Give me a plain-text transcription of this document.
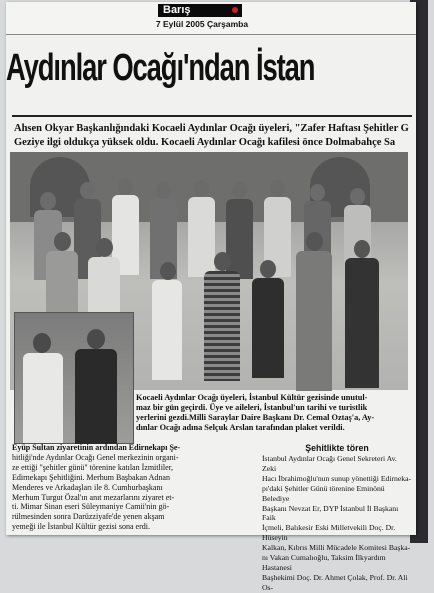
Barış
7 Eylül 2005 Çarşamba
Aydınlar Ocağı'ndan İstan
Ahsen Okyar Başkanlığındaki Kocaeli Aydınlar Ocağı üyeleri, "Zafer Haftası Şehitler G
Geziye ilgi oldukça yüksek oldu. Kocaeli Aydınlar Ocağı kafilesi önce Dolmabahçe Sa
Kocaeli Aydınlar Ocağı üyeleri, İstanbul Kültür gezisinde unutul-
maz bir gün geçirdi. Üye ve aileleri, İstanbul'un tarihi ve turistlik
yerlerini gezdi.Milli Saraylar Daire Başkanı Dr. Cemal Oztaş'a, Ay-
dınlar Ocağı adına Selçuk Arslan tarafından plaket verildi.
Eyüp Sultan ziyaretinin ardından Edirnekapı Şe-
hitliği'nde Aydınlar Ocağı Genel merkezinin organi-
ze ettiği "şehitler günü" törenine katılan İzmitliler,
Edirnekapı Şehitliğini. Merhum Başbakan Adnan
Menderes ve Arkadaşları ile 8. Cumhurbaşkanı
Merhum Turgut Özal'ın anıt mezarlarını ziyaret et-
ti. Mimar Sinan eseri Süleymaniye Camii'nin gö-
rülmesinden sonra Darüzziyafe'de yenen akşam
yemeği ile İstanbul Kültür gezisi sona erdi.
Şehitlikte tören
İstanbul Aydınlar Ocağı Genel Sekreteri Av. Zeki
Hacı İbrahimoğlu'nun sunup yönettiği Edirneka-
pı'daki Şehitler Günü törenine Eminönü Belediye
Başkanı Nevzat Er, DYP İstanbul İl Başkanı Faik
İçmeli, Balıkesir Eski Milletvekili Doç. Dr. Hüseyin
Kalkan, Kıbrıs Milli Mücadele Komitesi Başka-
nı Vakan Cumalıoğlu, Taksim İlkyardım Hastanesi
Başhekimi Doç. Dr. Ahmet Çolak, Prof. Dr. Ali Os-
